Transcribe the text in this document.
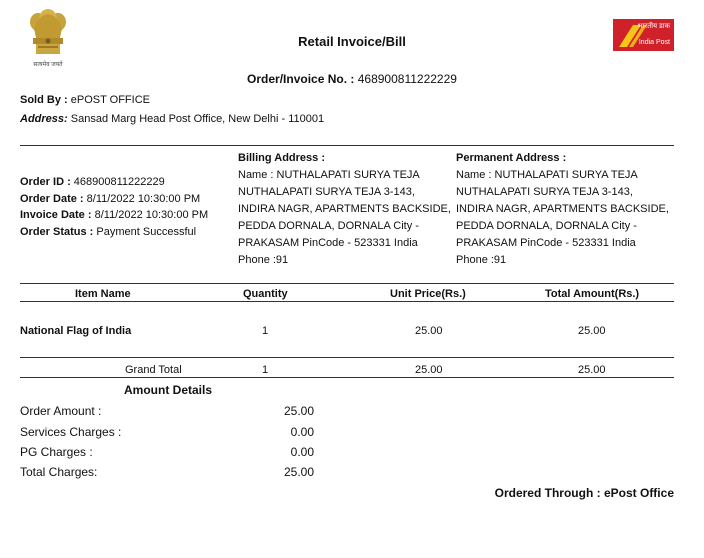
सत्यमेव जयते
भारतीय डाक
India Post
Retail Invoice/Bill
Order/Invoice No. : 468900811222229
Sold By : ePOST OFFICE
Address: Sansad Marg Head Post Office, New Delhi - 110001
Order ID : 468900811222229
Order Date : 8/11/2022 10:30:00 PM
Invoice Date : 8/11/2022 10:30:00 PM
Order Status : Payment Successful
Billing Address :
Name : NUTHALAPATI SURYA TEJA
NUTHALAPATI SURYA TEJA 3-143,
INDIRA NAGR, APARTMENTS BACKSIDE,
PEDDA DORNALA, DORNALA City -
PRAKASAM PinCode - 523331 India
Phone :91
Permanent Address :
Name : NUTHALAPATI SURYA TEJA
NUTHALAPATI SURYA TEJA 3-143,
INDIRA NAGR, APARTMENTS BACKSIDE,
PEDDA DORNALA, DORNALA City -
PRAKASAM PinCode - 523331 India
Phone :91
Item Name	Quantity	Unit Price(Rs.)	Total Amount(Rs.)
National Flag of India	1	25.00	25.00
Grand Total	1	25.00	25.00
Amount Details
Order Amount :	25.00
Services Charges :	0.00
PG Charges :	0.00
Total Charges:	25.00
Ordered Through : ePost Office
